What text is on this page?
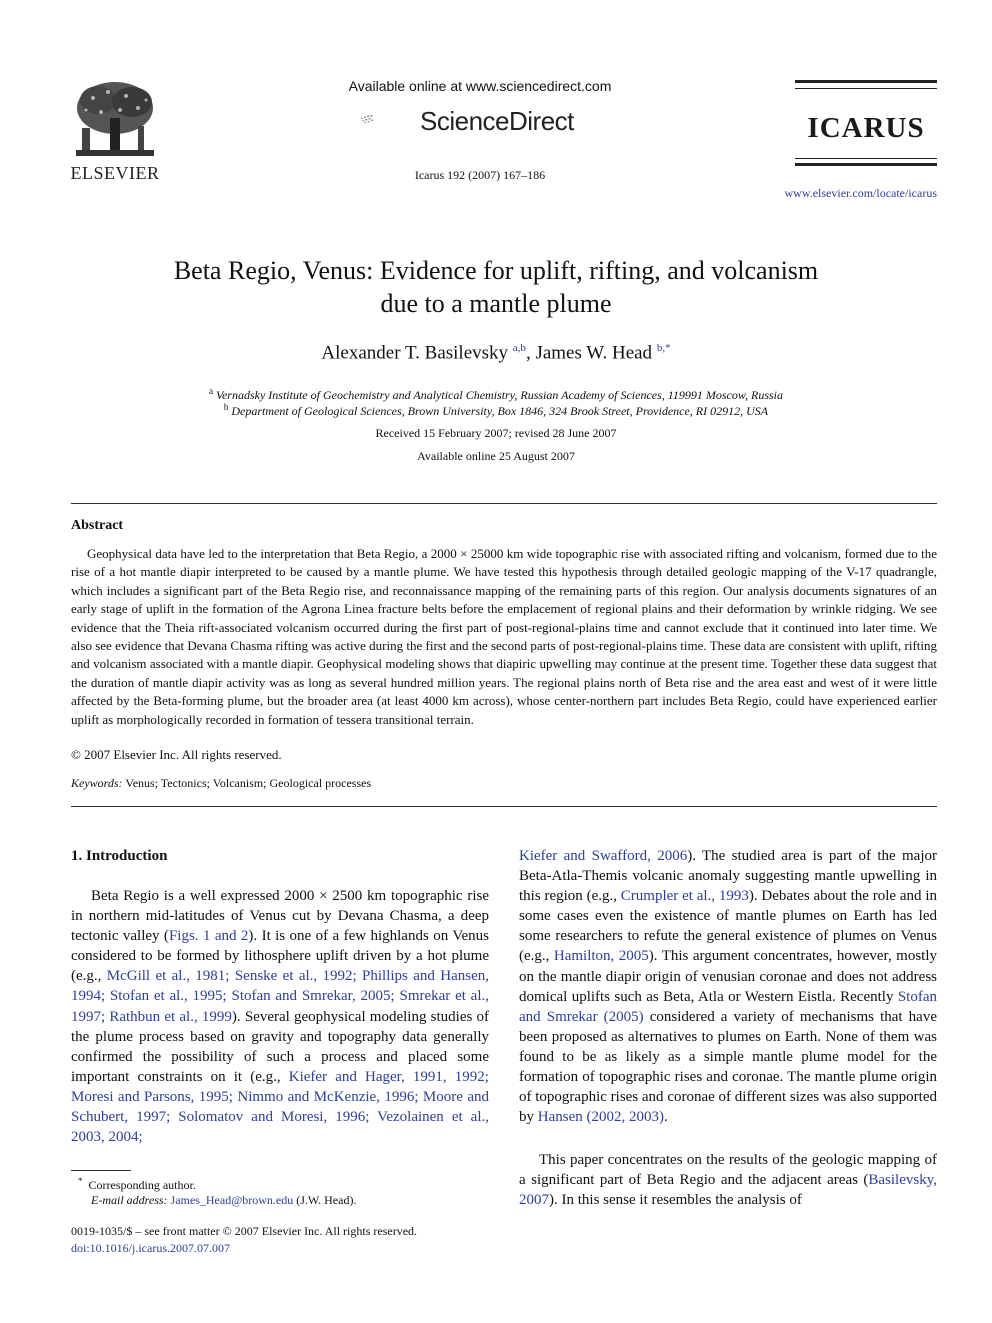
ELSEVIER
Available online at www.sciencedirect.com
ScienceDirect
Icarus 192 (2007) 167–186
ICARUS
www.elsevier.com/locate/icarus
Beta Regio, Venus: Evidence for uplift, rifting, and volcanism
due to a mantle plume
Alexander T. Basilevsky $^{a,b}$, James W. Head $^{b,*}$
$^a$ Vernadsky Institute of Geochemistry and Analytical Chemistry, Russian Academy of Sciences, 119991 Moscow, Russia
$^b$ Department of Geological Sciences, Brown University, Box 1846, 324 Brook Street, Providence, RI 02912, USA
Received 15 February 2007; revised 28 June 2007
Available online 25 August 2007
Abstract
Geophysical data have led to the interpretation that Beta Regio, a 2000 × 25000 km wide topographic rise with associated rifting and volcanism, formed due to the rise of a hot mantle diapir interpreted to be caused by a mantle plume. We have tested this hypothesis through detailed geologic mapping of the V-17 quadrangle, which includes a significant part of the Beta Regio rise, and reconnaissance mapping of the remaining parts of this region. Our analysis documents signatures of an early stage of uplift in the formation of the Agrona Linea fracture belts before the emplacement of regional plains and their deformation by wrinkle ridging. We see evidence that the Theia rift-associated volcanism occurred during the first part of post-regional-plains time and cannot exclude that it continued into later time. We also see evidence that Devana Chasma rifting was active during the first and the second parts of post-regional-plains time. These data are consistent with uplift, rifting and volcanism associated with a mantle diapir. Geophysical modeling shows that diapiric upwelling may continue at the present time. Together these data suggest that the duration of mantle diapir activity was as long as several hundred million years. The regional plains north of Beta rise and the area east and west of it were little affected by the Beta-forming plume, but the broader area (at least 4000 km across), whose center-northern part includes Beta Regio, could have experienced earlier uplift as morphologically recorded in formation of tessera transitional terrain.
© 2007 Elsevier Inc. All rights reserved.
Keywords: Venus; Tectonics; Volcanism; Geological processes
1. Introduction
Beta Regio is a well expressed 2000 × 2500 km topographic rise in northern mid-latitudes of Venus cut by Devana Chasma, a deep tectonic valley (Figs. 1 and 2). It is one of a few highlands on Venus considered to be formed by lithosphere uplift driven by a hot plume (e.g., McGill et al., 1981; Senske et al., 1992; Phillips and Hansen, 1994; Stofan et al., 1995; Stofan and Smrekar, 2005; Smrekar et al., 1997; Rathbun et al., 1999). Several geophysical modeling studies of the plume process based on gravity and topography data generally confirmed the possibility of such a process and placed some important constraints on it (e.g., Kiefer and Hager, 1991, 1992; Moresi and Parsons, 1995; Nimmo and McKenzie, 1996; Moore and Schubert, 1997; Solomatov and Moresi, 1996; Vezolainen et al., 2003, 2004;
Kiefer and Swafford, 2006). The studied area is part of the major Beta-Atla-Themis volcanic anomaly suggesting mantle upwelling in this region (e.g., Crumpler et al., 1993). Debates about the role and in some cases even the existence of mantle plumes on Earth has led some researchers to refute the general existence of plumes on Venus (e.g., Hamilton, 2005). This argument concentrates, however, mostly on the mantle diapir origin of venusian coronae and does not address domical uplifts such as Beta, Atla or Western Eistla. Recently Stofan and Smrekar (2005) considered a variety of mechanisms that have been proposed as alternatives to plumes on Earth. None of them was found to be as likely as a simple mantle plume model for the formation of topographic rises and coronae. The mantle plume origin of topographic rises and coronae of different sizes was also supported by Hansen (2002, 2003).
This paper concentrates on the results of the geologic mapping of a significant part of Beta Regio and the adjacent areas (Basilevsky, 2007). In this sense it resembles the analysis of
* Corresponding author.
E-mail address: James_Head@brown.edu (J.W. Head).
0019-1035/$ – see front matter © 2007 Elsevier Inc. All rights reserved.
doi:10.1016/j.icarus.2007.07.007
